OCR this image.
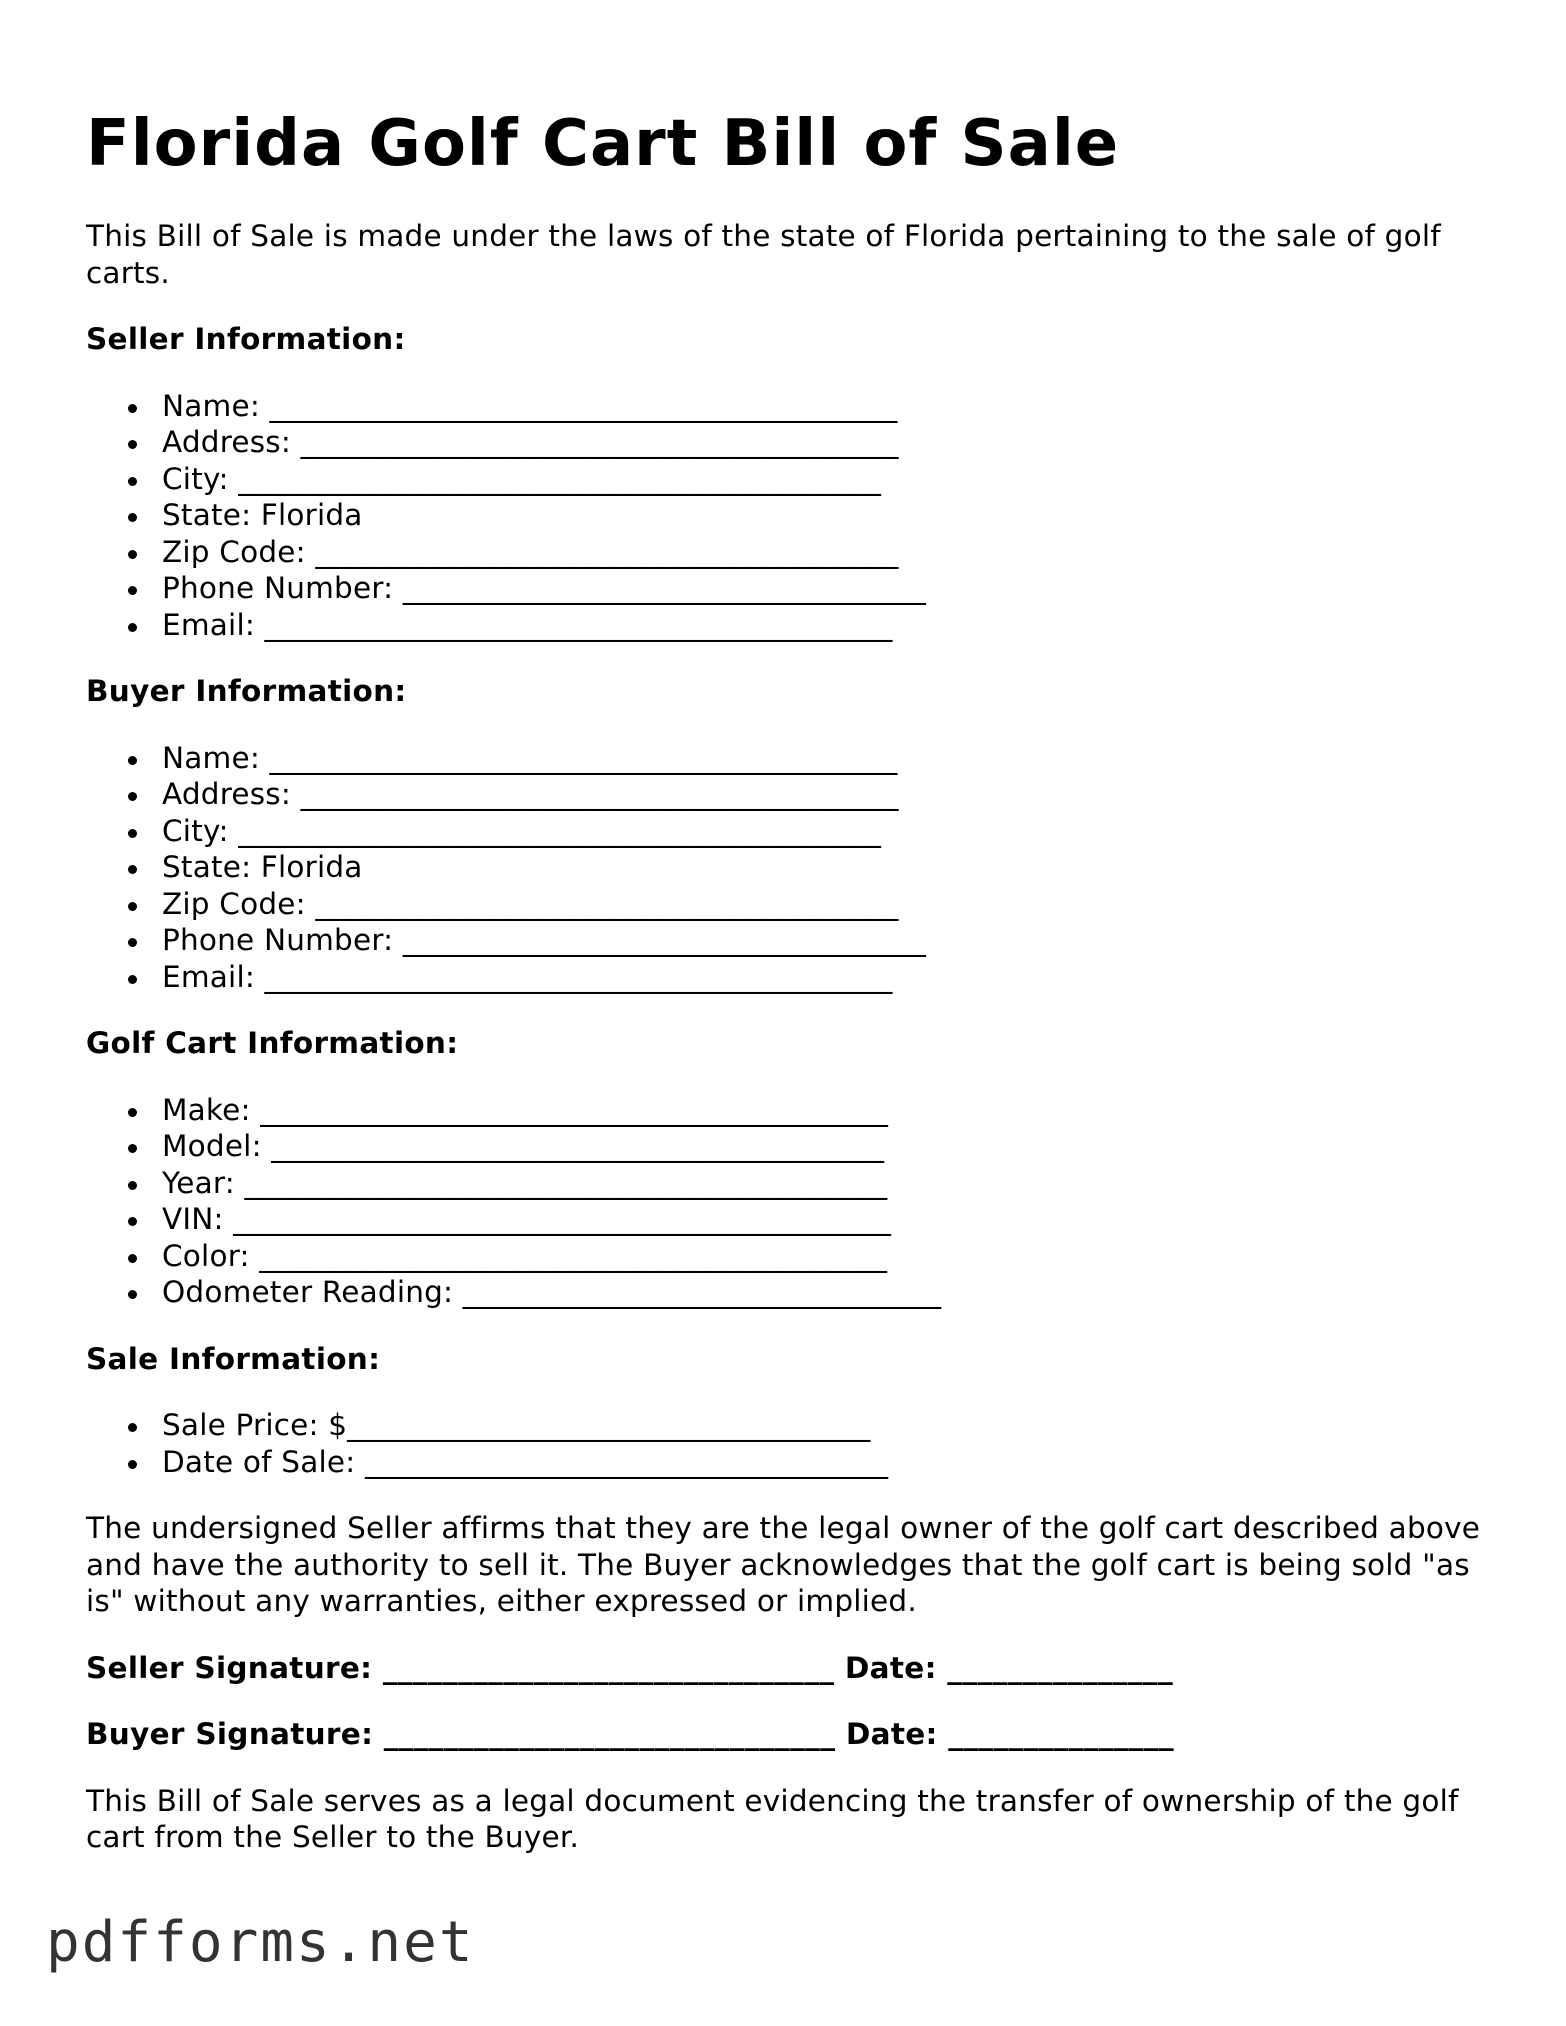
Florida Golf Cart Bill of Sale

This Bill of Sale is made under the laws of the state of Florida pertaining to the sale of golf carts.

Seller Information:
Name: __________________________________________
Address: ________________________________________
City: ___________________________________________
State: Florida
Zip Code: _______________________________________
Phone Number: ___________________________________
Email: __________________________________________
Buyer Information:
Name: __________________________________________
Address: ________________________________________
City: ___________________________________________
State: Florida
Zip Code: _______________________________________
Phone Number: ___________________________________
Email: __________________________________________
Golf Cart Information:
Make: __________________________________________
Model: _________________________________________
Year: ___________________________________________
VIN: ____________________________________________
Color: __________________________________________
Odometer Reading: ________________________________
Sale Information:
Sale Price: $___________________________________
Date of Sale: ___________________________________

The undersigned Seller affirms that they are the legal owner of the golf cart described above and have the authority to sell it. The Buyer acknowledges that the golf cart is being sold "as is" without any warranties, either expressed or implied.

Seller Signature: ______________________________ Date: _______________
Buyer Signature: ______________________________ Date: _______________

This Bill of Sale serves as a legal document evidencing the transfer of ownership of the golf cart from the Seller to the Buyer.

pdfforms.net
